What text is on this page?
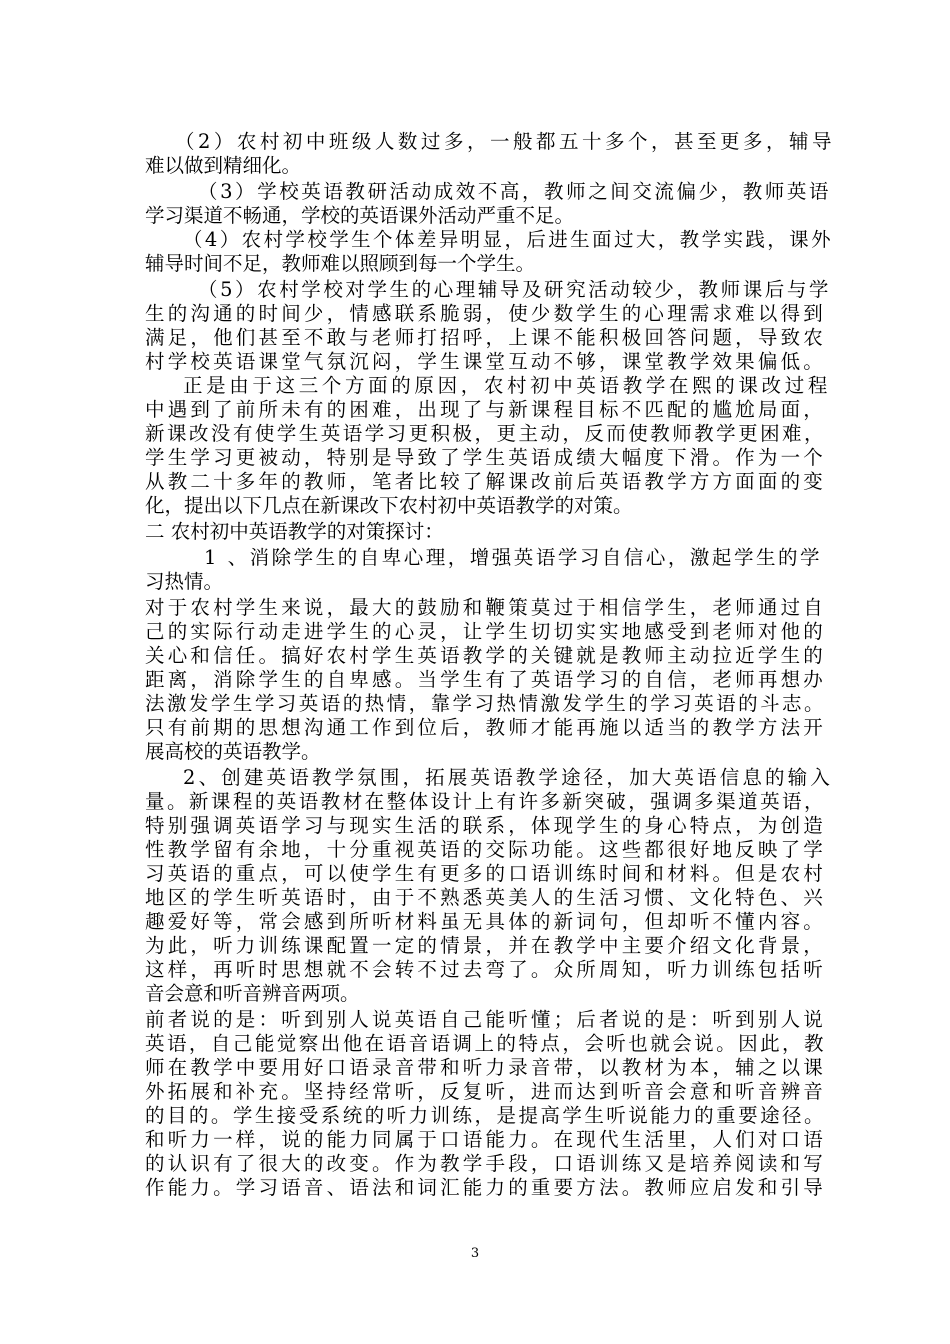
（2）农村初中班级人数过多，一般都五十多个，甚至更多，辅导
难以做到精细化。
（3）学校英语教研活动成效不高，教师之间交流偏少，教师英语
学习渠道不畅通，学校的英语课外活动严重不足。
（4）农村学校学生个体差异明显，后进生面过大，教学实践，课外
辅导时间不足，教师难以照顾到每一个学生。
（5）农村学校对学生的心理辅导及研究活动较少，教师课后与学
生的沟通的时间少，情感联系脆弱，使少数学生的心理需求难以得到
满足，他们甚至不敢与老师打招呼，上课不能积极回答问题，导致农
村学校英语课堂气氛沉闷，学生课堂互动不够，课堂教学效果偏低。
正是由于这三个方面的原因，农村初中英语教学在熙的课改过程
中遇到了前所未有的困难，出现了与新课程目标不匹配的尴尬局面，
新课改没有使学生英语学习更积极，更主动，反而使教师教学更困难，
学生学习更被动，特别是导致了学生英语成绩大幅度下滑。作为一个
从教二十多年的教师，笔者比较了解课改前后英语教学方方面面的变
化，提出以下几点在新课改下农村初中英语教学的对策。
二 农村初中英语教学的对策探讨：
1 、消除学生的自卑心理，增强英语学习自信心，激起学生的学
习热情。
对于农村学生来说，最大的鼓励和鞭策莫过于相信学生，老师通过自
己的实际行动走进学生的心灵，让学生切切实实地感受到老师对他的
关心和信任。搞好农村学生英语教学的关键就是教师主动拉近学生的
距离，消除学生的自卑感。当学生有了英语学习的自信，老师再想办
法激发学生学习英语的热情，靠学习热情激发学生的学习英语的斗志。
只有前期的思想沟通工作到位后，教师才能再施以适当的教学方法开
展高校的英语教学。
2、创建英语教学氛围，拓展英语教学途径，加大英语信息的输入
量。新课程的英语教材在整体设计上有许多新突破，强调多渠道英语，
特别强调英语学习与现实生活的联系，体现学生的身心特点，为创造
性教学留有余地，十分重视英语的交际功能。这些都很好地反映了学
习英语的重点，可以使学生有更多的口语训练时间和材料。但是农村
地区的学生听英语时，由于不熟悉英美人的生活习惯、文化特色、兴
趣爱好等，常会感到所听材料虽无具体的新词句，但却听不懂内容。
为此，听力训练课配置一定的情景，并在教学中主要介绍文化背景，
这样，再听时思想就不会转不过去弯了。众所周知，听力训练包括听
音会意和听音辨音两项。
前者说的是：听到别人说英语自己能听懂；后者说的是：听到别人说
英语，自己能觉察出他在语音语调上的特点，会听也就会说。因此，教
师在教学中要用好口语录音带和听力录音带，以教材为本，辅之以课
外拓展和补充。坚持经常听，反复听，进而达到听音会意和听音辨音
的目的。学生接受系统的听力训练，是提高学生听说能力的重要途径。
和听力一样，说的能力同属于口语能力。在现代生活里，人们对口语
的认识有了很大的改变。作为教学手段，口语训练又是培养阅读和写
作能力。学习语音、语法和词汇能力的重要方法。教师应启发和引导
3
